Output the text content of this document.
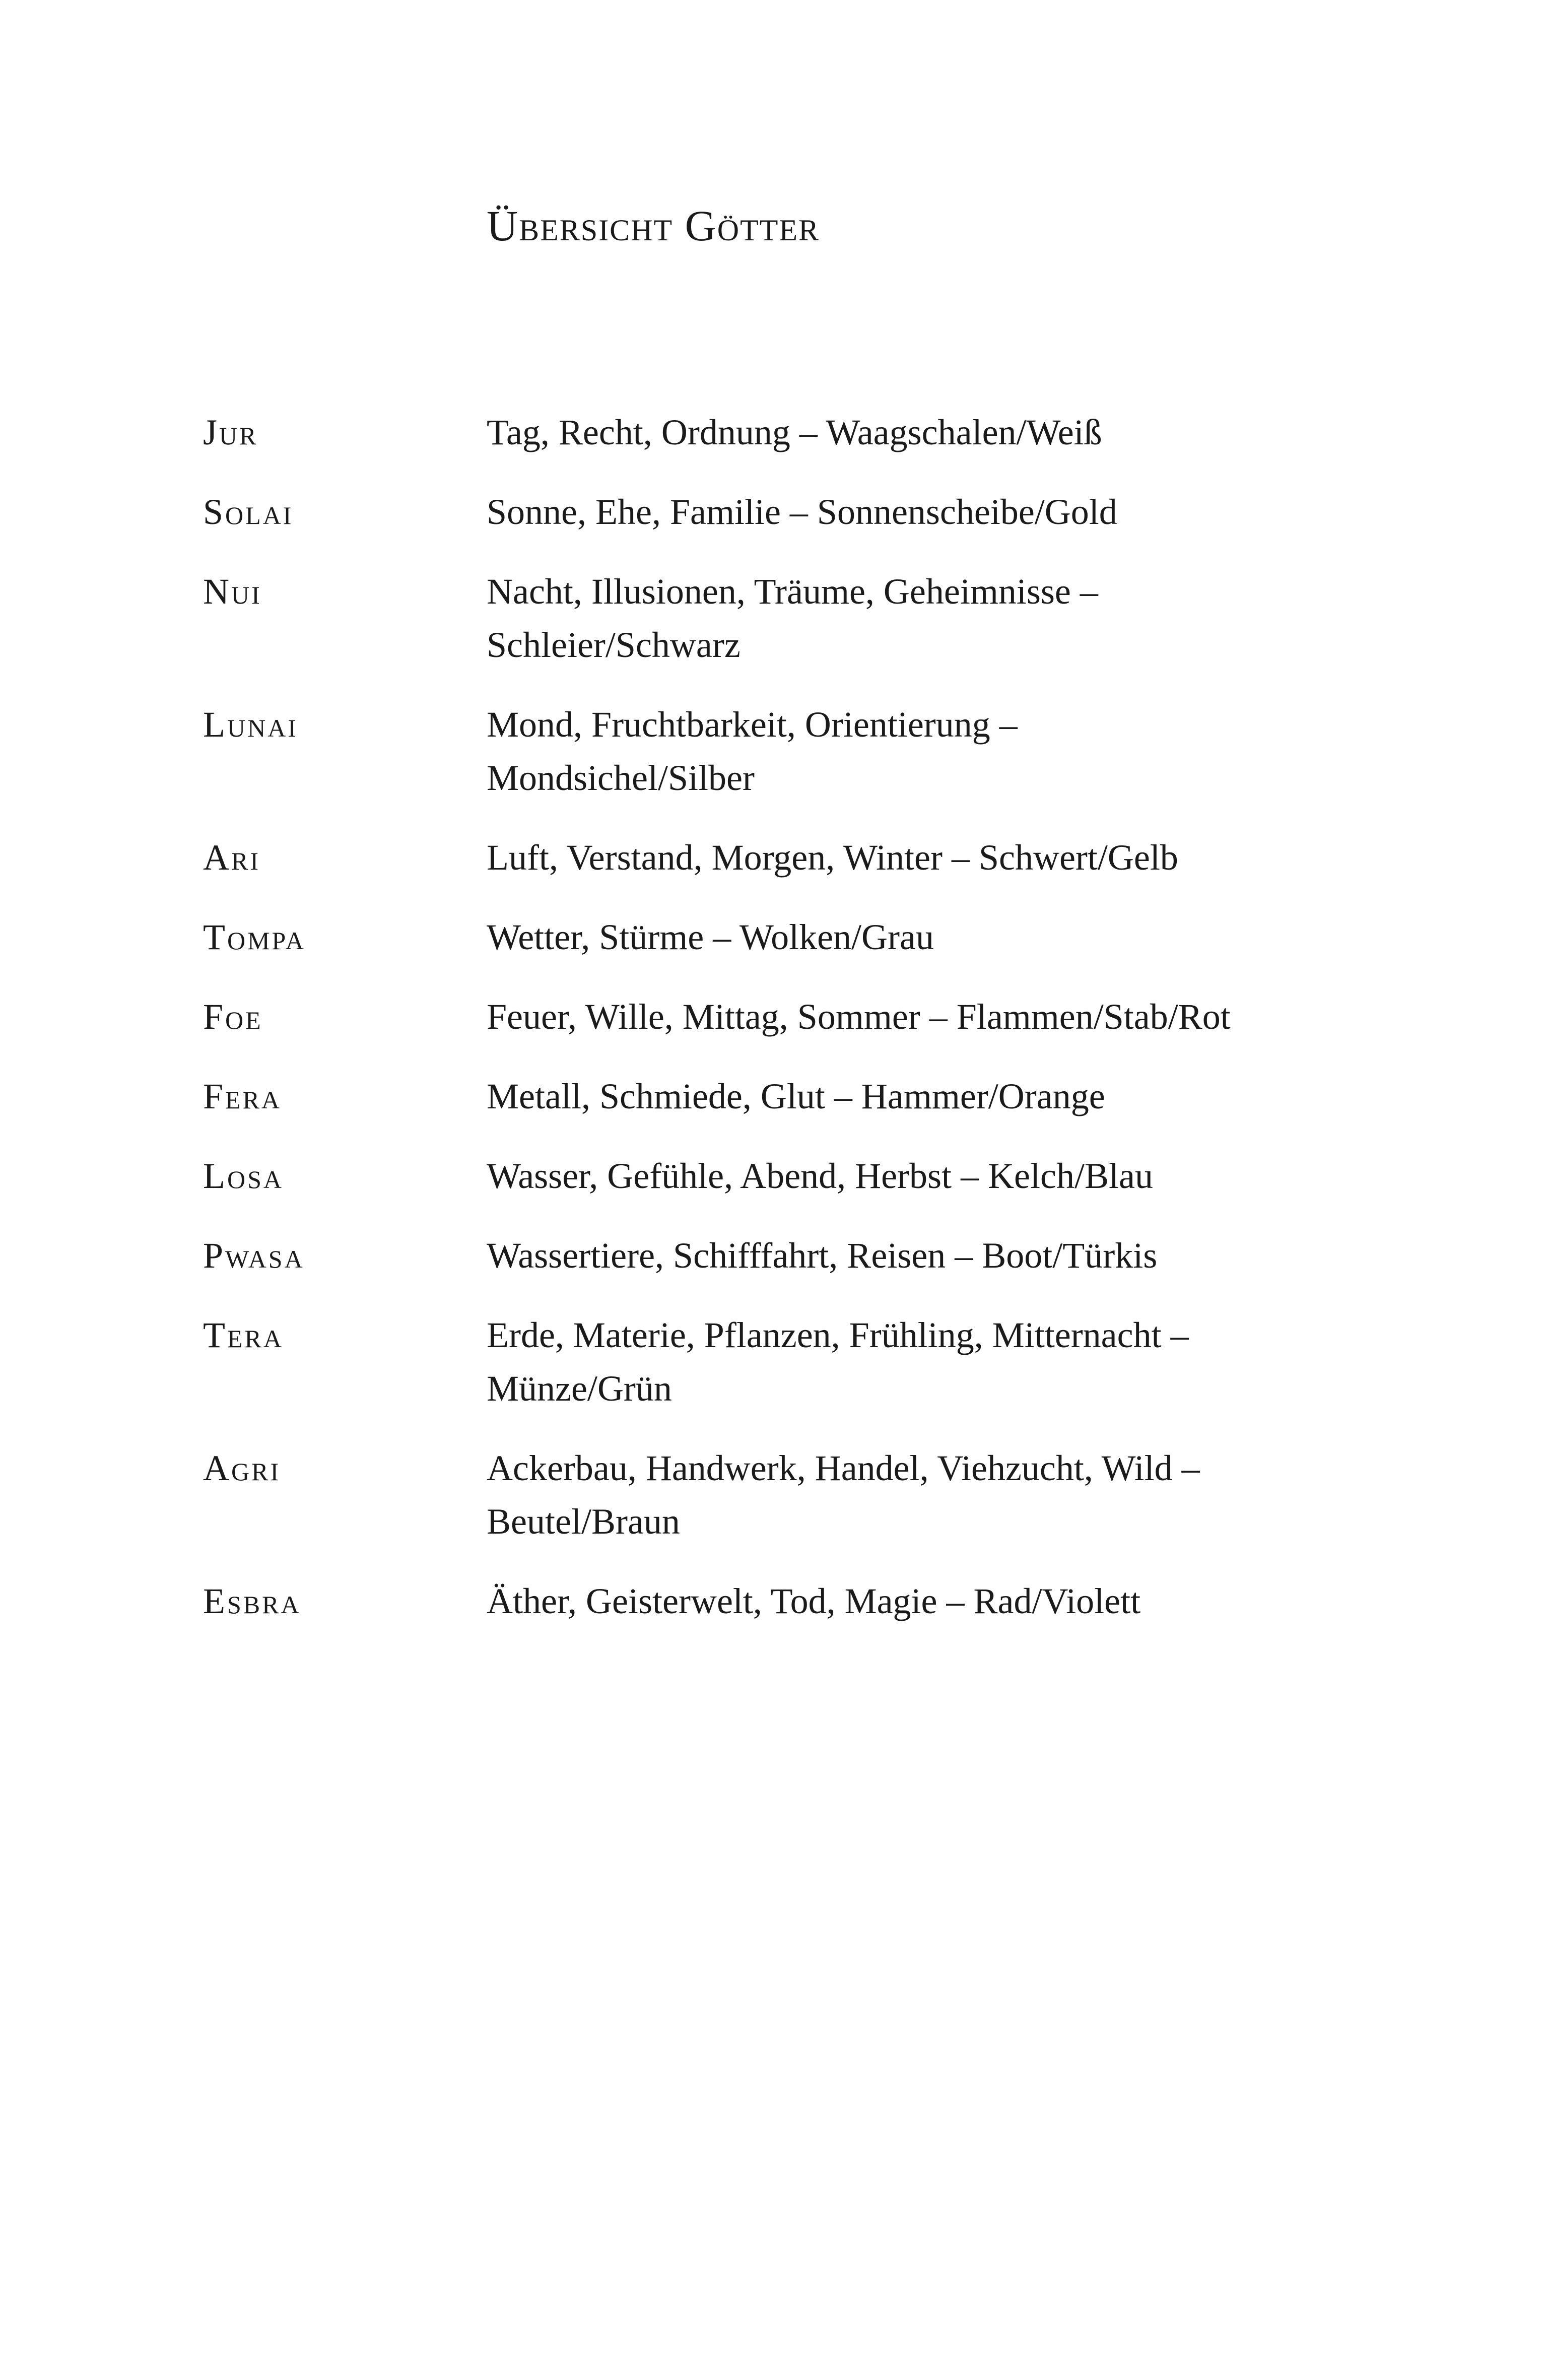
Übersicht Götter
Jur	Tag, Recht, Ordnung – Waagschalen/Weiß
Solai	Sonne, Ehe, Familie – Sonnenscheibe/Gold
Nui	Nacht, Illusionen, Träume, Geheimnisse – Schleier/Schwarz
Lunai	Mond, Fruchtbarkeit, Orientierung – Mondsichel/Silber
Ari	Luft, Verstand, Morgen, Winter – Schwert/Gelb
Tompa	Wetter, Stürme – Wolken/Grau
Foe	Feuer, Wille, Mittag, Sommer – Flammen/Stab/Rot
Fera	Metall, Schmiede, Glut – Hammer/Orange
Losa	Wasser, Gefühle, Abend, Herbst – Kelch/Blau
Pwasa	Wassertiere, Schifffahrt, Reisen – Boot/Türkis
Tera	Erde, Materie, Pflanzen, Frühling, Mitternacht – Münze/Grün
Agri	Ackerbau, Handwerk, Handel, Viehzucht, Wild – Beutel/Braun
Esbra	Äther, Geisterwelt, Tod, Magie – Rad/Violett
